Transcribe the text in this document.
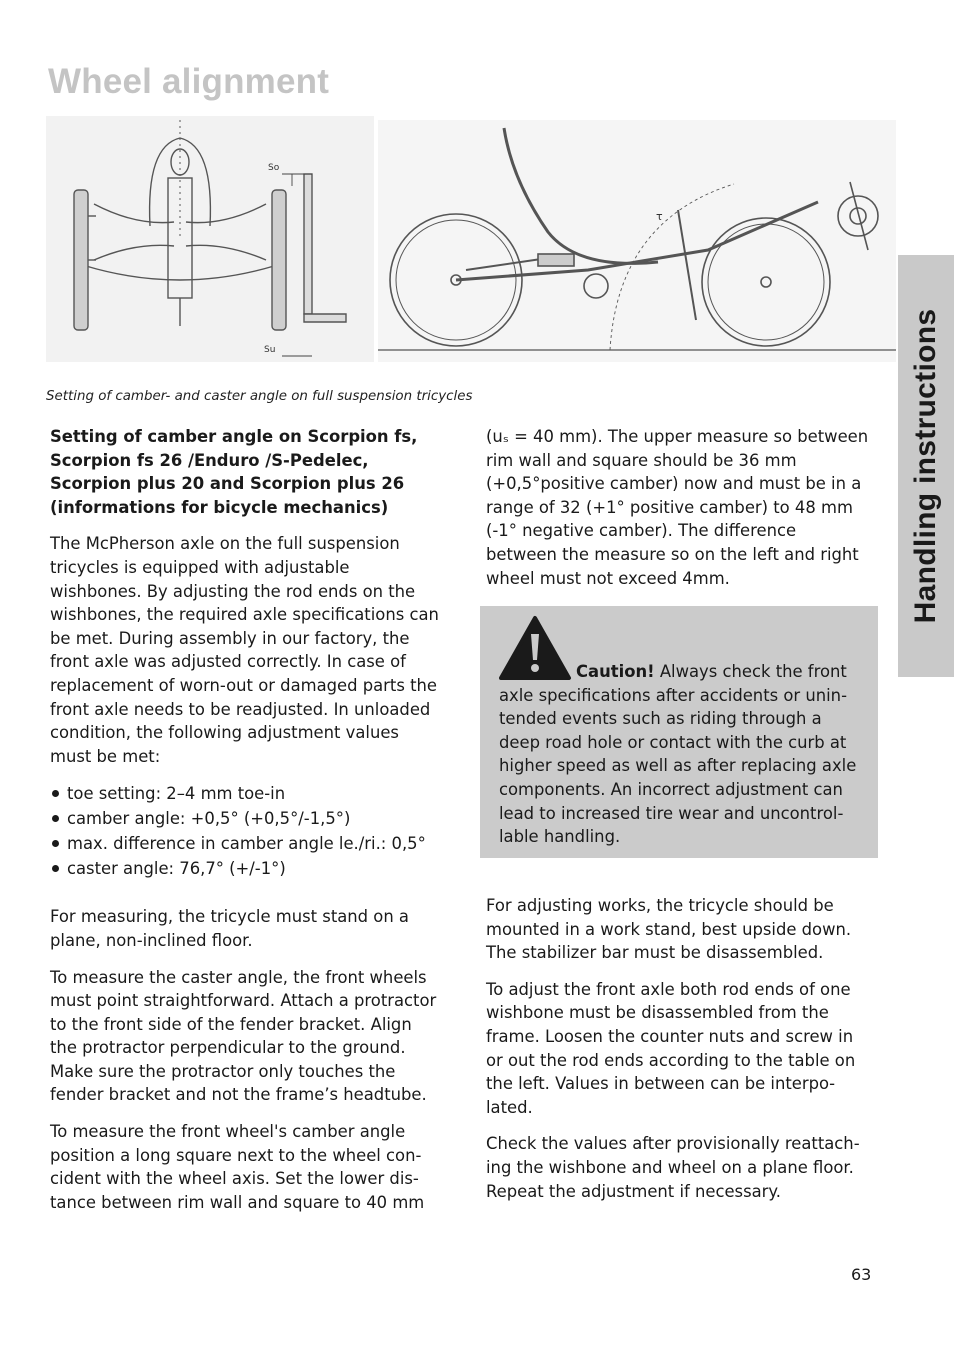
Wheel alignment
Handling instructions
So
Su
τ

Setting of camber- and caster angle on full suspension tricycles

Setting of camber angle on Scorpion fs, Scorpion fs 26 /Enduro /S-Pedelec, Scorpion plus 20 and Scorpion plus 26 (informations for bicycle mechanics)

The McPherson axle on the full suspension tricycles is equipped with adjustable wishbones. By adjusting the rod ends on the wishbones, the required axle specifications can be met. During assembly in our factory, the front axle was adjusted correctly. In case of replacement of worn-out or damaged parts the front axle needs to be readjusted. In unloaded condition, the following adjustment values must be met:

toe setting: 2–4 mm toe-in
camber angle: +0,5° (+0,5°/-1,5°)
max. difference in camber angle le./ri.: 0,5°
caster angle: 76,7° (+/-1°)

For measuring, the tricycle must stand on a plane, non-inclined floor.

To measure the caster angle, the front wheels must point straightforward. Attach a protractor to the front side of the fender bracket. Align the protractor perpendicular to the ground. Make sure the protractor only touches the fender bracket and not the frame’s headtube.

To measure the front wheel's camber angle position a long square next to the wheel concident with the wheel axis. Set the lower distance between rim wall and square to 40 mm

(uₛ = 40 mm). The upper measure so between rim wall and square should be 36 mm (+0,5°positive camber) now and must be in a range of 32 (+1° positive camber) to 48 mm (-1° negative camber). The difference between the measure so on the left and right wheel must not exceed 4mm.

Caution! Always check the front axle specifications after accidents or unintended events such as riding through a deep road hole or contact with the curb at higher speed as well as after replacing axle components. An incorrect adjustment can lead to increased tire wear and uncontrollable handling.

For adjusting works, the tricycle should be mounted in a work stand, best upside down. The stabilizer bar must be disassembled.

To adjust the front axle both rod ends of one wishbone must be disassembled from the frame. Loosen the counter nuts and screw in or out the rod ends according to the table on the left. Values in between can be interpolated.

Check the values after provisionally reattaching the wishbone and wheel on a plane floor. Repeat the adjustment if necessary.

63
